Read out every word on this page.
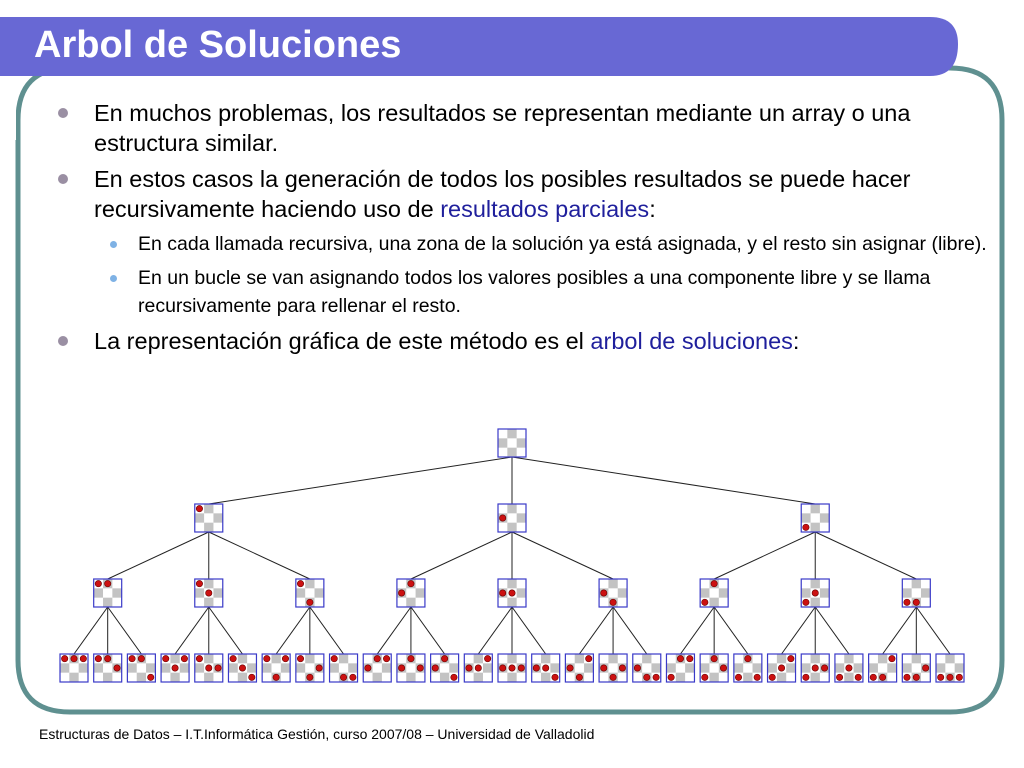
Arbol de Soluciones
En muchos problemas, los resultados se representan mediante un array o una estructura similar.
En estos casos la generación de todos los posibles resultados se puede hacer recursivamente haciendo uso de resultados parciales:
En cada llamada recursiva, una zona de la solución ya está asignada, y el resto sin asignar (libre).
En un bucle se van asignando todos los valores posibles a una componente libre y se llama recursivamente para rellenar el resto.
La representación gráfica de este método es el arbol de soluciones:
Estructuras de Datos – I.T.Informática Gestión, curso 2007/08 – Universidad de Valladolid
